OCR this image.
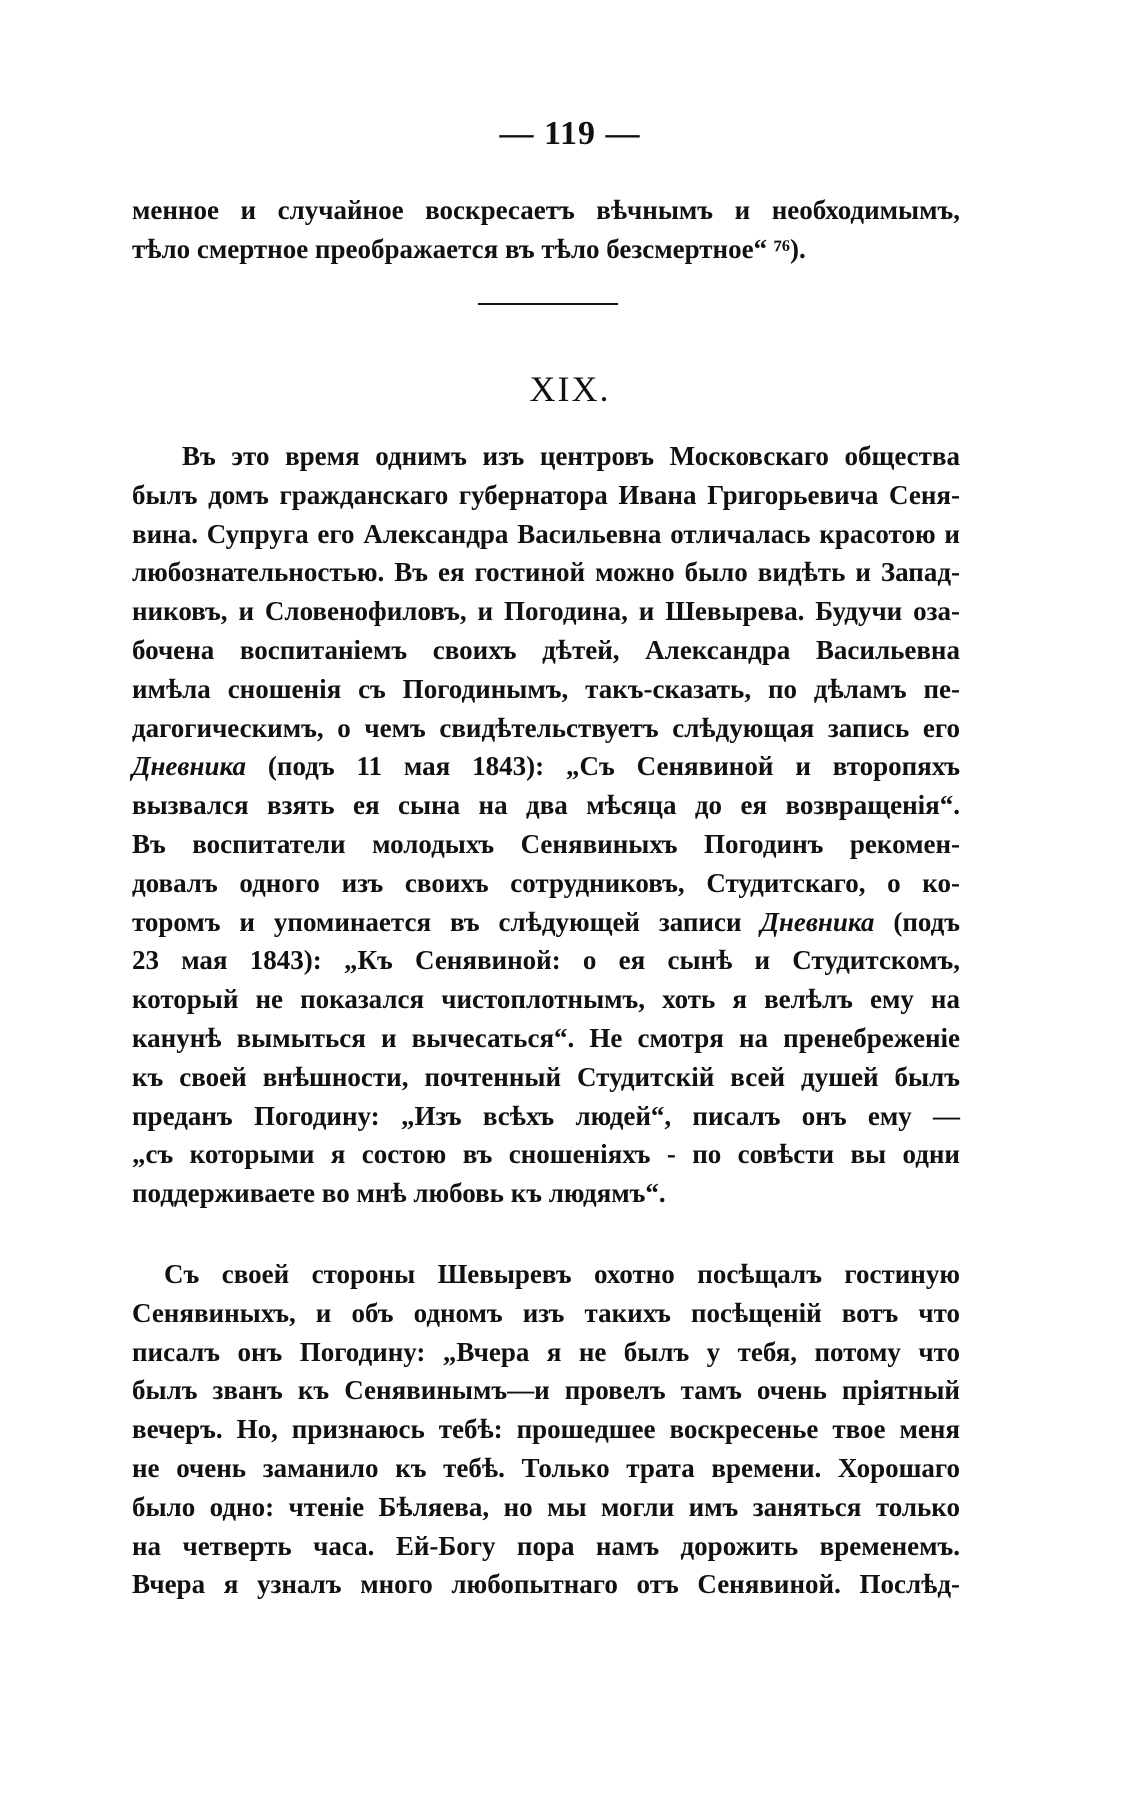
— 119 —
менное и случайное воскресаетъ вѣчнымъ и необходимымъ,
тѣло смертное преображается въ тѣло безсмертное“ ⁷⁶).
XIX.
Въ это время однимъ изъ центровъ Московскаго общества
былъ домъ гражданскаго губернатора Ивана Григорьевича Сеня-
вина. Супруга его Александра Васильевна отличалась красотою и
любознательностью. Въ ея гостиной можно было видѣть и Запад-
никовъ, и Словенофиловъ, и Погодина, и Шевырева. Будучи оза-
бочена воспитаніемъ своихъ дѣтей, Александра Васильевна
имѣла сношенія съ Погодинымъ, такъ-сказать, по дѣламъ пе-
дагогическимъ, о чемъ свидѣтельствуетъ слѣдующая запись его
Дневника (подъ 11 мая 1843): „Съ Сенявиной и второпяхъ
вызвался взять ея сына на два мѣсяца до ея возвращенія“.
Въ воспитатели молодыхъ Сенявиныхъ Погодинъ рекомен-
довалъ одного изъ своихъ сотрудниковъ, Студитскаго, о ко-
торомъ и упоминается въ слѣдующей записи Дневника (подъ
23 мая 1843): „Къ Сенявиной: о ея сынѣ и Студитскомъ,
который не показался чистоплотнымъ, хоть я велѣлъ ему на
канунѣ вымыться и вычесаться“. Не смотря на пренебреженіе
къ своей внѣшности, почтенный Студитскій всей душей былъ
преданъ Погодину: „Изъ всѣхъ людей“, писалъ онъ ему —
„съ которыми я состою въ сношеніяхъ - по совѣсти вы одни
поддерживаете во мнѣ любовь къ людямъ“.
Съ своей стороны Шевыревъ охотно посѣщалъ гостиную
Сенявиныхъ, и объ одномъ изъ такихъ посѣщеній вотъ что
писалъ онъ Погодину: „Вчера я не былъ у тебя, потому что
былъ званъ къ Сенявинымъ—и провелъ тамъ очень пріятный
вечеръ. Но, признаюсь тебѣ: прошедшее воскресенье твое меня
не очень заманило къ тебѣ. Только трата времени. Хорошаго
было одно: чтеніе Бѣляева, но мы могли имъ заняться только
на четверть часа. Ей-Богу пора намъ дорожить временемъ.
Вчера я узналъ много любопытнаго отъ Сенявиной. Послѣд-
